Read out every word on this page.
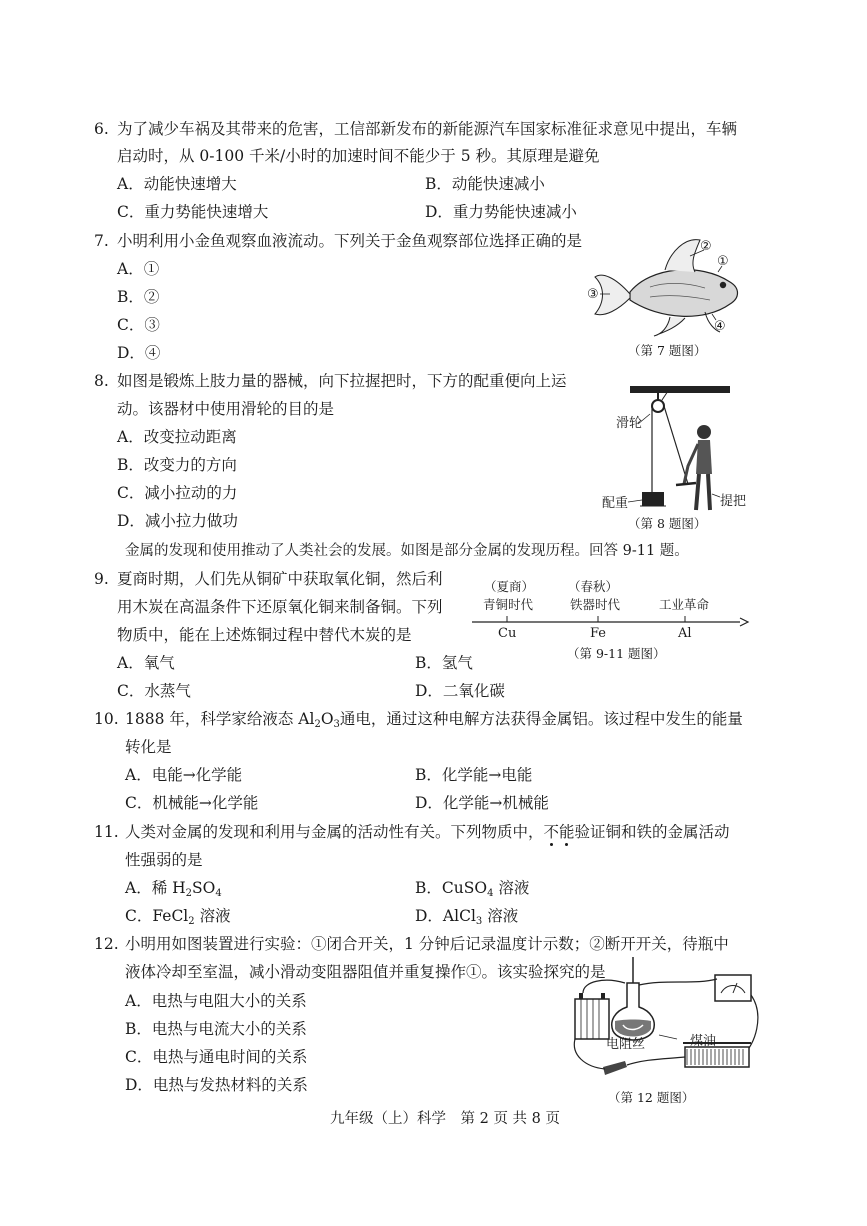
6. 为了减少车祸及其带来的危害，工信部新发布的新能源汽车国家标准征求意见中提出，车辆
启动时，从 0-100 千米/小时的加速时间不能少于 5 秒。其原理是避免
A．动能快速增大	B．动能快速减小
C．重力势能快速增大	D．重力势能快速减小
7. 小明利用小金鱼观察血液流动。下列关于金鱼观察部位选择正确的是
A．①
B．②
C．③
D．④
②
①
③
④
（第 7 题图）
8. 如图是锻炼上肢力量的器械，向下拉握把时，下方的配重便向上运
动。该器材中使用滑轮的目的是
A．改变拉动距离
B．改变力的方向
C．减小拉动的力
D．减小拉力做功
滑轮
配重	提把
（第 8 题图）
金属的发现和使用推动了人类社会的发展。如图是部分金属的发现历程。回答 9-11 题。
（夏商）	（春秋）
青铜时代	铁器时代	工业革命
Cu	Fe	Al
（第 9-11 题图）
9. 夏商时期，人们先从铜矿中获取氧化铜，然后利
用木炭在高温条件下还原氧化铜来制备铜。下列
物质中，能在上述炼铜过程中替代木炭的是
A．氧气	B．氢气
C．水蒸气	D．二氧化碳
10. 1888 年，科学家给液态 $Al_2O_3$通电，通过这种电解方法获得金属铝。该过程中发生的能量
转化是
A．电能→化学能	B．化学能→电能
C．机械能→化学能	D．化学能→机械能
11. 人类对金属的发现和利用与金属的活动性有关。下列物质中，不能验证铜和铁的金属活动
性强弱的是
A．稀 $H_2SO_4$	B．CuSO$_4$ 溶液
C．FeCl$_2$ 溶液	D．AlCl$_3$ 溶液
12. 小明用如图装置进行实验：①闭合开关，1 分钟后记录温度计示数；②断开开关，待瓶中
液体冷却至室温，减小滑动变阻器阻值并重复操作①。该实验探究的是
A．电热与电阻大小的关系
B．电热与电流大小的关系
C．电热与通电时间的关系
D．电热与发热材料的关系
电阻丝	煤油
（第 12 题图）
九年级（上）科学　第 2 页 共 8 页
